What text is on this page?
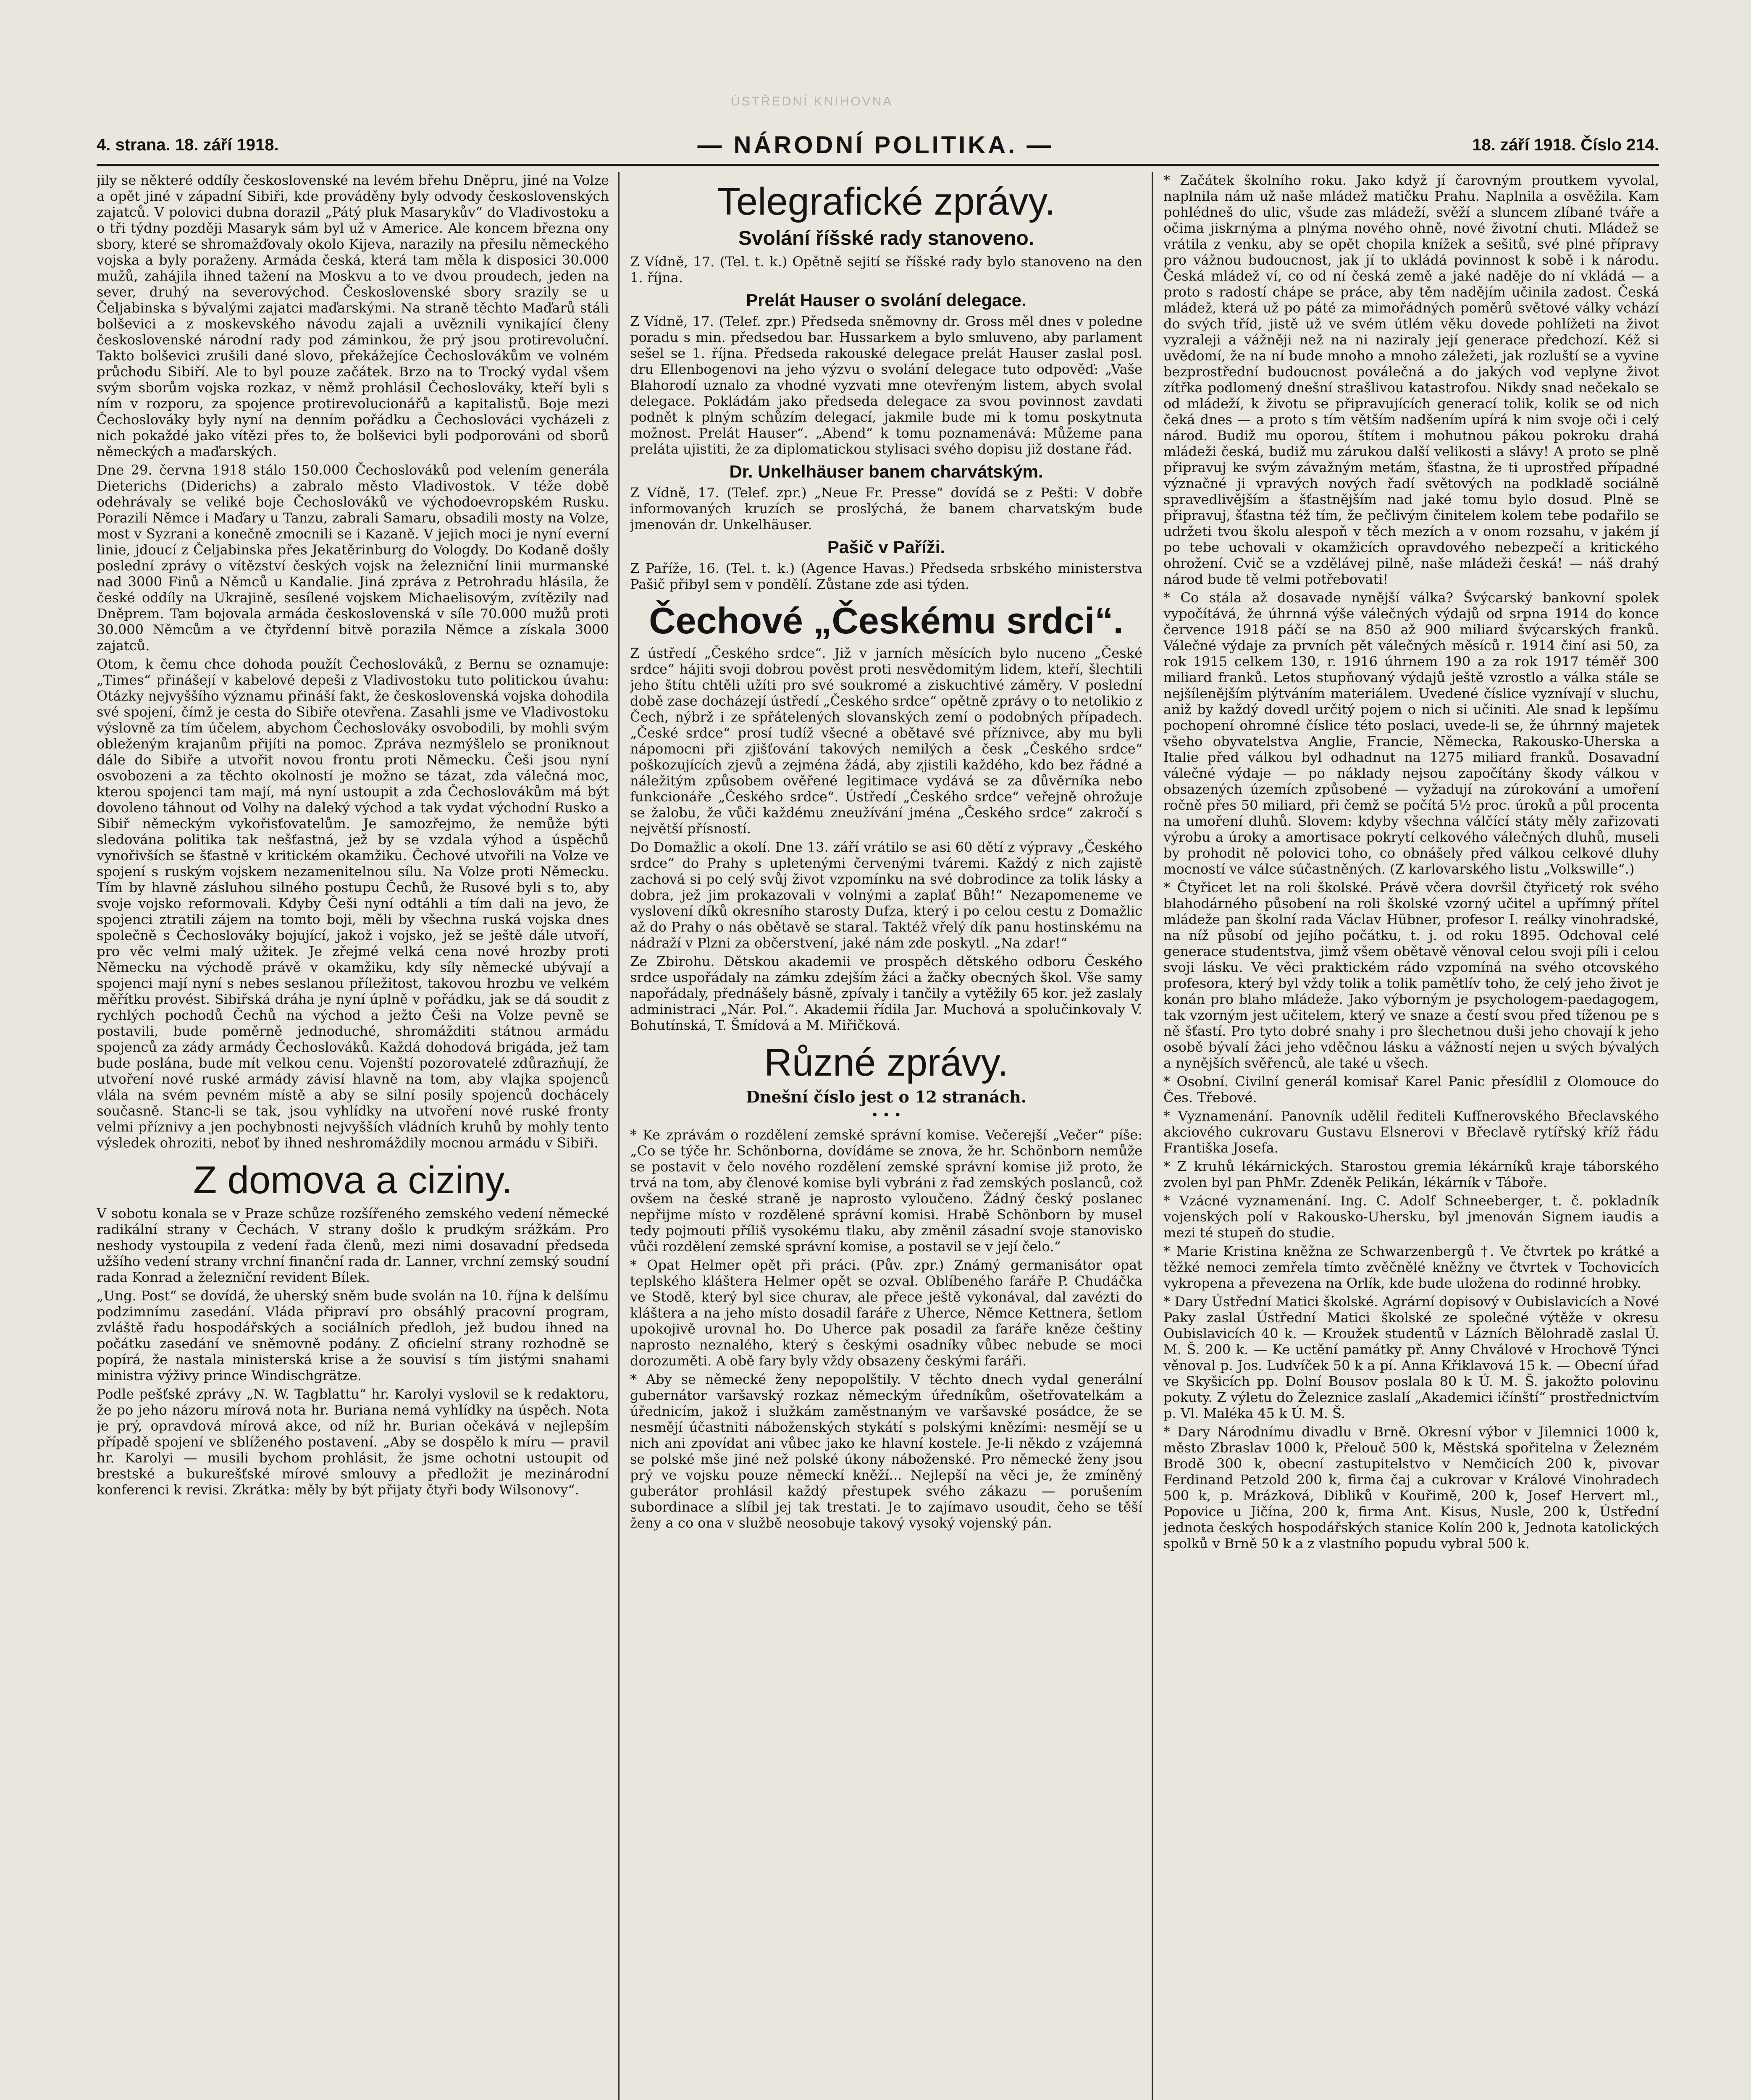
ÚSTŘEDNÍ KNIHOVNA
4. strana. 18. září 1918.	— NÁRODNÍ POLITIKA. —	18. září 1918. Číslo 214.

jily se některé oddíly československé na levém břehu Dněpru, jiné na Volze a opět jiné v západní Sibiři, kde prováděny byly odvody československých zajatců. V polovici dubna dorazil „Pátý pluk Masarykův“ do Vladivostoku a o tři týdny později Masaryk sám byl už v Americe. Ale koncem března ony sbory, které se shromažďovaly okolo Kijeva, narazily na přesilu německého vojska a byly poraženy. Armáda česká, která tam měla k disposici 30.000 mužů, zahájila ihned tažení na Moskvu a to ve dvou proudech, jeden na sever, druhý na severovýchod. Československé sbory srazily se u Čeljabinska s bývalými zajatci maďarskými. Na straně těchto Maďarů stáli bolševici a z moskevského návodu zajali a uvěznili vynikající členy československé národní rady pod záminkou, že prý jsou protirevoluční. Takto bolševici zrušili dané slovo, překážejíce Čechoslovákům ve volném průchodu Sibiří. Ale to byl pouze začátek. Brzo na to Trocký vydal všem svým sborům vojska rozkaz, v němž prohlásil Čechoslováky, kteří byli s ním v rozporu, za spojence protirevolucionářů a kapitalistů. Boje mezi Čechoslováky byly nyní na denním pořádku a Čechoslováci vycházeli z nich pokaždé jako vítězi přes to, že bolševici byli podporováni od sborů německých a maďarských.

Dne 29. června 1918 stálo 150.000 Čechoslováků pod velením generála Dieterichs (Diderichs) a zabralo město Vladivostok. V téže době odehrávaly se veliké boje Čechoslováků ve východoevropském Rusku. Porazili Němce i Maďary u Tanzu, zabrali Samaru, obsadili mosty na Volze, most v Syzrani a konečně zmocnili se i Kazaně. V jejich moci je nyní everní linie, jdoucí z Čeljabinska přes Jekatěrinburg do Vologdy. Do Kodaně došly poslední zprávy o vítězství českých vojsk na železniční linii murmanské nad 3000 Finů a Němců u Kandalie. Jiná zpráva z Petrohradu hlásila, že české oddíly na Ukrajině, sesílené vojskem Michaelisovým, zvítězily nad Dněprem. Tam bojovala armáda československá v síle 70.000 mužů proti 30.000 Němcům a ve čtyřdenní bitvě porazila Němce a získala 3000 zajatců.

Otom, k čemu chce dohoda použít Čechoslováků, z Bernu se oznamuje: „Times“ přinášejí v kabelové depeši z Vladivostoku tuto politickou úvahu: Otázky nejvyššího významu přináší fakt, že československá vojska dohodila své spojení, čímž je cesta do Sibiře otevřena. Zasahli jsme ve Vladivostoku výslovně za tím účelem, abychom Čechoslováky osvobodili, by mohli svým obleženým krajanům přijíti na pomoc. Zpráva nezmýšlelo se proniknout dále do Sibiře a utvořit novou frontu proti Německu. Češi jsou nyní osvobozeni a za těchto okolností je možno se tázat, zda válečná moc, kterou spojenci tam mají, má nyní ustoupit a zda Čechoslovákům má být dovoleno táhnout od Volhy na daleký východ a tak vydat východní Rusko a Sibiř německým vykořisťovatelům. Je samozřejmo, že nemůže býti sledována politika tak nešťastná, jež by se vzdala výhod a úspěchů vynořivších se šťastně v kritickém okamžiku. Čechové utvořili na Volze ve spojení s ruským vojskem nezamenitelnou sílu. Na Volze proti Německu. Tím by hlavně zásluhou silného postupu Čechů, že Rusové byli s to, aby svoje vojsko reformovali. Kdyby Češi nyní odtáhli a tím dali na jevo, že spojenci ztratili zájem na tomto boji, měli by všechna ruská vojska dnes společně s Čechoslováky bojující, jakož i vojsko, jež se ještě dále utvoří, pro věc velmi malý užitek. Je zřejmé velká cena nové hrozby proti Německu na východě právě v okamžiku, kdy síly německé ubývají a spojenci mají nyní s nebes seslanou příležitost, takovou hrozbu ve velkém měřítku provést. Sibiřská dráha je nyní úplně v pořádku, jak se dá soudit z rychlých pochodů Čechů na východ a ježto Češi na Volze pevně se postavili, bude poměrně jednoduché, shromážditi státnou armádu spojenců za zády armády Čechoslováků. Každá dohodová brigáda, jež tam bude poslána, bude mít velkou cenu. Vojenští pozorovatelé zdůrazňují, že utvoření nové ruské armády závisí hlavně na tom, aby vlajka spojenců vlála na svém pevném místě a aby se silní posily spojenců dochácely současně. Stanc-li se tak, jsou vyhlídky na utvoření nové ruské fronty velmi příznivy a jen pochybnosti nejvyšších vládních kruhů by mohly tento výsledek ohroziti, neboť by ihned neshromáždily mocnou armádu v Sibiři.

Z domova a ciziny.

V sobotu konala se v Praze schůze rozšířeného zemského vedení německé radikální strany v Čechách. V strany došlo k prudkým srážkám. Pro neshody vystoupila z vedení řada členů, mezi nimi dosavadní předseda užšího vedení strany vrchní finanční rada dr. Lanner, vrchní zemský soudní rada Konrad a železniční revident Bílek.

„Ung. Post“ se dovídá, že uherský sněm bude svolán na 10. října k delšímu podzimnímu zasedání. Vláda připraví pro obsáhlý pracovní program, zvláště řadu hospodářských a sociálních předloh, jež budou ihned na počátku zasedání ve sněmovně podány. Z oficielní strany rozhodně se popírá, že nastala ministerská krise a že souvisí s tím jistými snahami ministra výživy prince Windischgrätze.

Podle pešťské zprávy „N. W. Tagblattu“ hr. Karolyi vyslovil se k redaktoru, že po jeho názoru mírová nota hr. Buriana nemá vyhlídky na úspěch. Nota je prý, opravdová mírová akce, od níž hr. Burian očekává v nejlepším případě spojení ve sblíženého postavení. „Aby se dospělo k míru — pravil hr. Karolyi — musili bychom prohlásit, že jsme ochotni ustoupit od brestské a bukurešťské mírové smlouvy a předložit je mezinárodní konferenci k revisi. Zkrátka: měly by být přijaty čtyři body Wilsonovy“.

Telegrafické zprávy.
Svolání říšské rady stanoveno.

Z Vídně, 17. (Tel. t. k.) Opětně sejití se říšské rady bylo stanoveno na den 1. října.

Prelát Hauser o svolání delegace.

Z Vídně, 17. (Telef. zpr.) Předseda sněmovny dr. Gross měl dnes v poledne poradu s min. předsedou bar. Hussarkem a bylo smluveno, aby parlament sešel se 1. října. Předseda rakouské delegace prelát Hauser zaslal posl. dru Ellenbogenovi na jeho výzvu o svolání delegace tuto odpověď: „Vaše Blahorodí uznalo za vhodné vyzvati mne otevřeným listem, abych svolal delegace. Pokládám jako předseda delegace za svou povinnost zavdati podnět k plným schůzím delegací, jakmile bude mi k tomu poskytnuta možnost. Prelát Hauser“. „Abend“ k tomu poznamenává: Můžeme pana preláta ujistiti, že za diplomatickou stylisaci svého dopisu již dostane řád.

Dr. Unkelhäuser banem charvátským.

Z Vídně, 17. (Telef. zpr.) „Neue Fr. Presse“ dovídá se z Pešti: V dobře informovaných kruzích se proslýchá, že banem charvatským bude jmenován dr. Unkelhäuser.

Pašič v Paříži.

Z Paříže, 16. (Tel. t. k.) (Agence Havas.) Předseda srbského ministerstva Pašič přibyl sem v pondělí. Zůstane zde asi týden.

Čechové „Českému srdci“.

Z ústředí „Českého srdce“. Již v jarních měsících bylo nuceno „České srdce“ hájiti svoji dobrou pověst proti nesvědomitým lidem, kteří, šlechtili jeho štítu chtěli užíti pro své soukromé a ziskuchtivé záměry. V poslední době zase docházejí ústředí „Českého srdce“ opětně zprávy o to netolikio z Čech, nýbrž i ze spřátelených slovanských zemí o podobných případech. „České srdce“ prosí tudíž všecné a obětavé své příznivce, aby mu byli nápomocni při zjišťování takových nemilých a česk „Českého srdce“ poškozujících zjevů a zejména žádá, aby zjistili každého, kdo bez řádné a náležitým způsobem ověřené legitimace vydává se za důvěrníka nebo funkcionáře „Českého srdce“. Ústředí „Českého srdce“ veřejně ohrožuje se žalobu, že vůči každému zneužívání jména „Českého srdce“ zakročí s největší přísností.

Do Domažlic a okolí. Dne 13. září vrátilo se asi 60 dětí z výpravy „Českého srdce“ do Prahy s upletenými červenými tváremi. Každý z nich zajistě zachová si po celý svůj život vzpomínku na své dobrodince za tolik lásky a dobra, jež jim prokazovali v volnými a zaplať Bůh!“ Nezapomeneme ve vyslovení díků okresního starosty Dufza, který i po celou cestu z Domažlic až do Prahy o nás obětavě se staral. Taktéž vřelý dík panu hostinskému na nádraží v Plzni za občerstvení, jaké nám zde poskytl. „Na zdar!“

Ze Zbirohu. Dětskou akademii ve prospěch dětského odboru Českého srdce uspořádaly na zámku zdejším žáci a žačky obecných škol. Vše samy napořádaly, přednášely básně, zpívaly i tančily a vytěžily 65 kor. jež zaslaly administraci „Nár. Pol.“. Akademii řídila Jar. Muchová a spolučinkovaly V. Bohutínská, T. Šmídová a M. Miřičková.

Různé zprávy.
Dnešní číslo jest o 12 stranách.
• • •

* Ke zprávám o rozdělení zemské správní komise. Večerejší „Večer“ píše: „Co se týče hr. Schönborna, dovídáme se znova, že hr. Schönborn nemůže se postavit v čelo nového rozdělení zemské správní komise již proto, že trvá na tom, aby členové komise byli vybráni z řad zemských poslanců, což ovšem na české straně je naprosto vyloučeno. Žádný český poslanec nepřijme místo v rozdělené správní komisi. Hrabě Schönborn by musel tedy pojmouti příliš vysokému tlaku, aby změnil zásadní svoje stanovisko vůči rozdělení zemské správní komise, a postavil se v její čelo.“

* Opat Helmer opět při práci. (Pův. zpr.) Známý germanisátor opat teplského kláštera Helmer opět se ozval. Oblíbeného faráře P. Chudáčka ve Stodě, který byl sice churav, ale přece ještě vykonával, dal zavézti do kláštera a na jeho místo dosadil faráře z Uherce, Němce Kettnera, šetlom upokojivě urovnal ho. Do Uherce pak posadil za faráře kněze češtiny naprosto neznalého, který s českými osadníky vůbec nebude se moci dorozuměti. A obě fary byly vždy obsazeny českými faráři.

* Aby se německé ženy nepopolštily. V těchto dnech vydal generální gubernátor varšavský rozkaz německým úředníkům, ošetřovatelkám a úřednicím, jakož i služkám zaměstnaným ve varšavské posádce, že se nesmějí účastniti náboženských stykátí s polskými knězími: nesmějí se u nich ani zpovídat ani vůbec jako ke hlavní kostele. Je-li někdo z vzájemná se polské mše jiné než polské úkony náboženské. Pro německé ženy jsou prý ve vojsku pouze německí kněží... Nejlepší na věci je, že zmíněný guberátor prohlásil každý přestupek svého zákazu — porušením subordinace a slíbil jej tak trestati. Je to zajímavo usoudit, čeho se těší ženy a co ona v službě neosobuje takový vysoký vojenský pán.

* Začátek školního roku. Jako když jí čarovným proutkem vyvolal, naplnila nám už naše mládež matičku Prahu. Naplnila a osvěžila. Kam pohlédneš do ulic, všude zas mládeží, svěží a sluncem zlíbané tváře a očima jiskrnýma a plnýma nového ohně, nové životní chuti. Mládež se vrátila z venku, aby se opět chopila knížek a sešitů, své plné přípravy pro vážnou budoucnost, jak jí to ukládá povinnost k sobě i k národu. Česká mládež ví, co od ní česká země a jaké naděje do ní vkládá — a proto s radostí chápe se práce, aby těm nadějím učinila zadost. Česká mládež, která už po páté za mimořádných poměrů světové války vchází do svých tříd, jistě už ve svém útlém věku dovede pohlížeti na život vyzraleji a vážněji než na ni naziraly její generace předchozí. Kéž si uvědomí, že na ní bude mnoho a mnoho záležeti, jak rozluští se a vyvine bezprostřední budoucnost poválečná a do jakých vod veplyne život zítřka podlomený dnešní strašlivou katastrofou. Nikdy snad nečekalo se od mládeží, k životu se připravujících generací tolik, kolik se od nich čeká dnes — a proto s tím větším nadšením upírá k nim svoje oči i celý národ. Budiž mu oporou, štítem i mohutnou pákou pokroku drahá mládeži česká, budiž mu zárukou další velikosti a slávy! A proto se plně připravuj ke svým závažným metám, šťastna, že ti uprostřed případné význačné ji vpravých nových řadí světových na podkladě sociálně spravedlivějším a šťastnějším nad jaké tomu bylo dosud. Plně se připravuj, šťastna též tím, že pečlivým činitelem kolem tebe podařilo se udržeti tvou školu alespoň v těch mezích a v onom rozsahu, v jakém jí po tebe uchovali v okamžicích opravdového nebezpečí a kritického ohrožení. Cvič se a vzdělávej pilně, naše mládeži česká! — náš drahý národ bude tě velmi potřebovati!

* Co stála až dosavade nynější válka? Švýcarský bankovní spolek vypočítává, že úhrnná výše válečných výdajů od srpna 1914 do konce července 1918 páčí se na 850 až 900 miliard švýcarských franků. Válečné výdaje za prvních pět válečných měsíců r. 1914 činí asi 50, za rok 1915 celkem 130, r. 1916 úhrnem 190 a za rok 1917 téměř 300 miliard franků. Letos stupňovaný výdajů ještě vzrostlo a válka stále se nejšílenějším plýtváním materiálem. Uvedené číslice vyznívají v sluchu, aniž by každý dovedl určitý pojem o nich si učiniti. Ale snad k lepšímu pochopení ohromné číslice této poslaci, uvede-li se, že úhrnný majetek všeho obyvatelstva Anglie, Francie, Německa, Rakousko-Uherska a Italie před válkou byl odhadnut na 1275 miliard franků. Dosavadní válečné výdaje — po náklady nejsou započítány škody válkou v obsazených územích způsobené — vyžadují na zúrokování a umoření ročně přes 50 miliard, při čemž se počítá 5½ proc. úroků a půl procenta na umoření dluhů. Slovem: kdyby všechna válčící státy měly zařizovati výrobu a úroky a amortisace pokrytí celkového válečných dluhů, museli by prohodit ně polovici toho, co obnášely před válkou celkové dluhy mocností ve válce súčastněných. (Z karlovarského listu „Volkswille“.)

* Čtyřicet let na roli školské. Právě včera dovršil čtyřicetý rok svého blahodárného působení na roli školské vzorný učitel a upřímný přítel mládeže pan školní rada Václav Hübner, profesor I. reálky vinohradské, na níž působí od jejího počátku, t. j. od roku 1895. Odchoval celé generace studentstva, jimž všem obětavě věnoval celou svoji píli i celou svoji lásku. Ve věci praktickém rádo vzpomíná na svého otcovského profesora, který byl vždy tolik a tolik pamětlív toho, že celý jeho život je konán pro blaho mládeže. Jako výborným je psychologem-paedagogem, tak vzorným jest učitelem, který ve snaze a čestí svou před tíženou pe s ně šťastí. Pro tyto dobré snahy i pro šlechetnou duši jeho chovají k jeho osobě bývalí žáci jeho vděčnou lásku a vážností nejen u svých bývalých a nynějších svěřenců, ale také u všech.

* Osobní. Civilní generál komisař Karel Panic přesídlil z Olomouce do Čes. Třebové.

* Vyznamenání. Panovník udělil řediteli Kuffnerovského Břeclavského akciového cukrovaru Gustavu Elsnerovi v Břeclavě rytířský kříž řádu Františka Josefa.

* Z kruhů lékárnických. Starostou gremia lékárníků kraje táborského zvolen byl pan PhMr. Zdeněk Pelikán, lékárník v Táboře.

* Vzácné vyznamenání. Ing. C. Adolf Schneeberger, t. č. pokladník vojenských polí v Rakousko-Uhersku, byl jmenován Signem iaudis a mezi té stupeň do studie.

* Marie Kristina kněžna ze Schwarzenbergů †. Ve čtvrtek po krátké a těžké nemoci zemřela tímto zvěčnělé kněžny ve čtvrtek v Tochovicích vykropena a převezena na Orlík, kde bude uložena do rodinné hrobky.

* Dary Ústřední Matici školské. Agrární dopisový v Oubislavicích a Nové Paky zaslal Ústřední Matici školské ze společné výtěže v okresu Oubislavicích 40 k. — Kroužek studentů v Lázních Bělohradě zaslal Ú. M. Š. 200 k. — Ke uctění památky př. Anny Chválové v Hrochově Týnci věnoval p. Jos. Ludvíček 50 k a pí. Anna Křiklavová 15 k. — Obecní úřad ve Skyšicích pp. Dolní Bousov poslala 80 k Ú. M. Š. jakožto polovinu pokuty. Z výletu do Železnice zaslalí „Akademici ičínští“ prostřednictvím p. Vl. Maléka 45 k Ú. M. Š.

* Dary Národnímu divadlu v Brně. Okresní výbor v Jilemnici 1000 k, město Zbraslav 1000 k, Přelouč 500 k, Městská spořitelna v Železném Brodě 300 k, obecní zastupitelstvo v Nemčicích 200 k, pivovar Ferdinand Petzold 200 k, firma čaj a cukrovar v Králové Vinohradech 500 k, p. Mrázková, Dibliků v Kouřimě, 200 k, Josef Hervert ml., Popovice u Jičína, 200 k, firma Ant. Kisus, Nusle, 200 k, Ústřední jednota českých hospodářských stanice Kolín 200 k, Jednota katolických spolků v Brně 50 k a z vlastního popudu vybral 500 k.
